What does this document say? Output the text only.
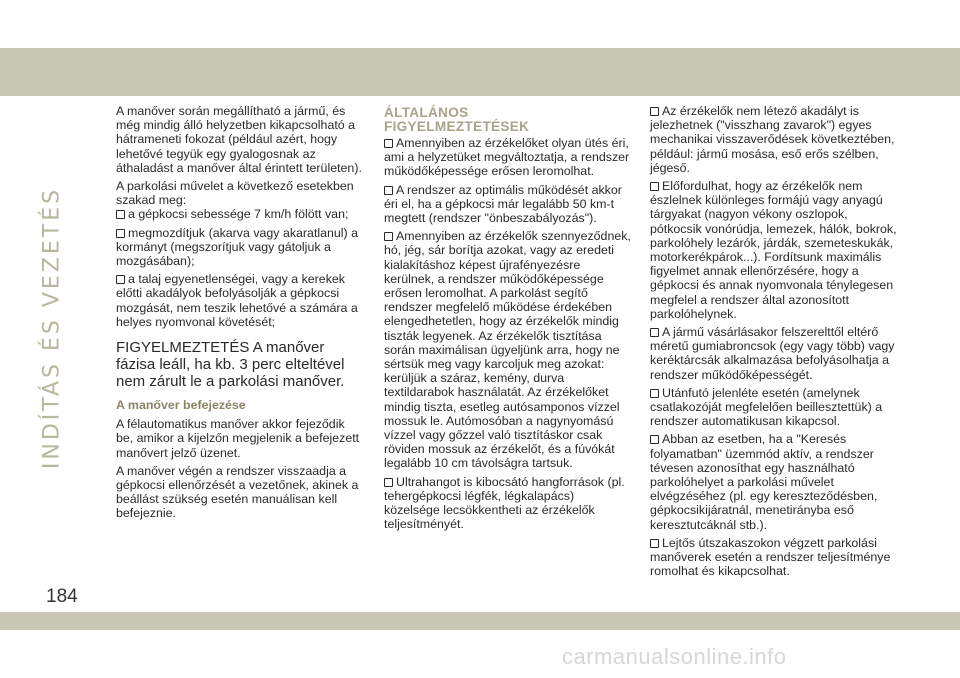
INDÍTÁS ÉS VEZETÉS

A manőver során megállítható a jármű, és még mindig álló helyzetben kikapcsolható a hátrameneti fokozat (például azért, hogy lehetővé tegyük egy gyalogosnak az áthaladást a manőver által érintett területen).

A parkolási művelet a következő esetekben szakad meg:

a gépkocsi sebessége 7 km/h fölött van;

megmozdítjuk (akarva vagy akaratlanul) a kormányt (megszorítjuk vagy gátoljuk a mozgásában);

a talaj egyenetlenségei, vagy a kerekek előtti akadályok befolyásolják a gépkocsi mozgását, nem teszik lehetővé a számára a helyes nyomvonal követését;

FIGYELMEZTETÉS A manőver fázisa leáll, ha kb. 3 perc elteltével nem zárult le a parkolási manőver.
A manőver befejezése

A félautomatikus manőver akkor fejeződik be, amikor a kijelzőn megjelenik a befejezett manővert jelző üzenet.

A manőver végén a rendszer visszaadja a gépkocsi ellenőrzését a vezetőnek, akinek a beállást szükség esetén manuálisan kell befejeznie.

ÁLTALÁNOS
FIGYELMEZTETÉSEK

Amennyiben az érzékelőket olyan ütés éri, ami a helyzetüket megváltoztatja, a rendszer működőképessége erősen leromolhat.

A rendszer az optimális működését akkor éri el, ha a gépkocsi már legalább 50 km-t megtett (rendszer "önbeszabályozás").

Amennyiben az érzékelők szennyeződnek, hó, jég, sár borítja azokat, vagy az eredeti kialakításhoz képest újrafényezésre kerülnek, a rendszer működőképessége erősen leromolhat. A parkolást segítő rendszer megfelelő működése érdekében elengedhetetlen, hogy az érzékelők mindig tiszták legyenek. Az érzékelők tisztítása során maximálisan ügyeljünk arra, hogy ne sértsük meg vagy karcoljuk meg azokat: kerüljük a száraz, kemény, durva textildarabok használatát. Az érzékelőket mindig tiszta, esetleg autósamponos vízzel mossuk le. Autómosóban a nagynyomású vízzel vagy gőzzel való tisztításkor csak röviden mossuk az érzékelőt, és a fúvókát legalább 10 cm távolságra tartsuk.

Ultrahangot is kibocsátó hangforrások (pl. tehergépkocsi légfék, légkalapács) közelsége lecsökkentheti az érzékelők teljesítményét.

Az érzékelők nem létező akadályt is jelezhetnek ("visszhang zavarok") egyes mechanikai visszaverődések következtében, például: jármű mosása, eső erős szélben, jégeső.

Előfordulhat, hogy az érzékelők nem észlelnek különleges formájú vagy anyagú tárgyakat (nagyon vékony oszlopok, pótkocsik vonórúdja, lemezek, hálók, bokrok, parkolóhely lezárók, járdák, szemeteskukák, motorkerékpárok...). Fordítsunk maximális figyelmet annak ellenőrzésére, hogy a gépkocsi és annak nyomvonala ténylegesen megfelel a rendszer által azonosított parkolóhelynek.

A jármű vásárlásakor felszerelttől eltérő méretű gumiabroncsok (egy vagy több) vagy keréktárcsák alkalmazása befolyásolhatja a rendszer működőképességét.

Utánfutó jelenléte esetén (amelynek csatlakozóját megfelelően beillesztettük) a rendszer automatikusan kikapcsol.

Abban az esetben, ha a "Keresés folyamatban" üzemmód aktív, a rendszer tévesen azonosíthat egy használható parkolóhelyet a parkolási művelet elvégzéséhez (pl. egy kereszteződésben, gépkocsikijáratnál, menetirányba eső keresztutcáknál stb.).

Lejtős útszakaszokon végzett parkolási manőverek esetén a rendszer teljesítménye romolhat és kikapcsolhat.

184
carmanualsonline.info
